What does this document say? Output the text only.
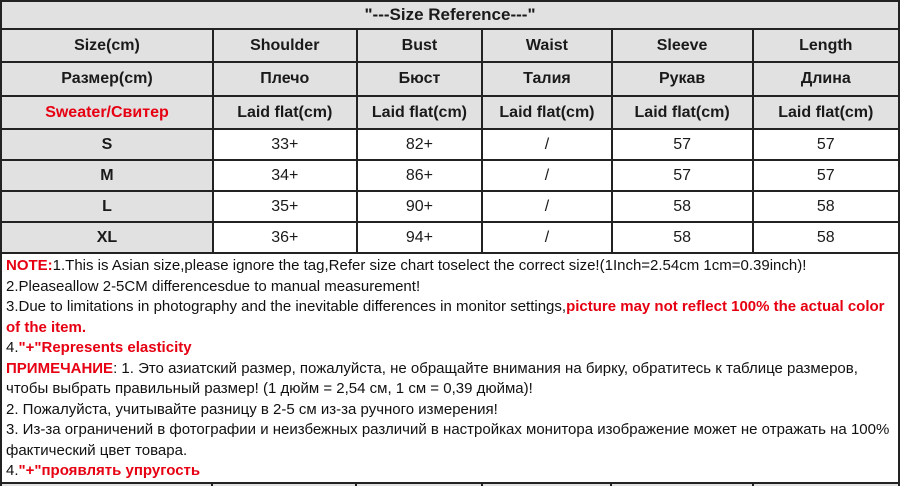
"---Size Reference---"					
Size(cm)	Shoulder	Bust	Waist	Sleeve	Length
Размер(cm)	Плечо	Бюст	Талия	Рукав	Длина
Sweater/Свитер	Laid flat(cm)	Laid flat(cm)	Laid flat(cm)	Laid flat(cm)	Laid flat(cm)
S	33+	82+	/	57	57
M	34+	86+	/	57	57
L	35+	90+	/	58	58
XL	36+	94+	/	58	58

NOTE:1.This is Asian size,please ignore the tag,Refer size chart toselect the correct size!(1Inch=2.54cm 1cm=0.39inch)!

2.Pleaseallow 2-5CM differencesdue to manual measurement!

3.Due to limitations in photography and the inevitable differences in monitor settings,picture may not reflect 100% the actual color of the item.

4."+"Represents elasticity

ПРИМЕЧАНИЕ: 1. Это азиатский размер, пожалуйста, не обращайте внимания на бирку, обратитесь к таблице размеров, чтобы выбрать правильный размер! (1 дюйм = 2,54 см, 1 см = 0,39 дюйма)!

2. Пожалуйста, учитывайте разницу в 2-5 см из-за ручного измерения!

3. Из-за ограничений в фотографии и неизбежных различий в настройках монитора изображение может не отражать на 100% фактический цвет товара.

4."+"проявлять упругость
